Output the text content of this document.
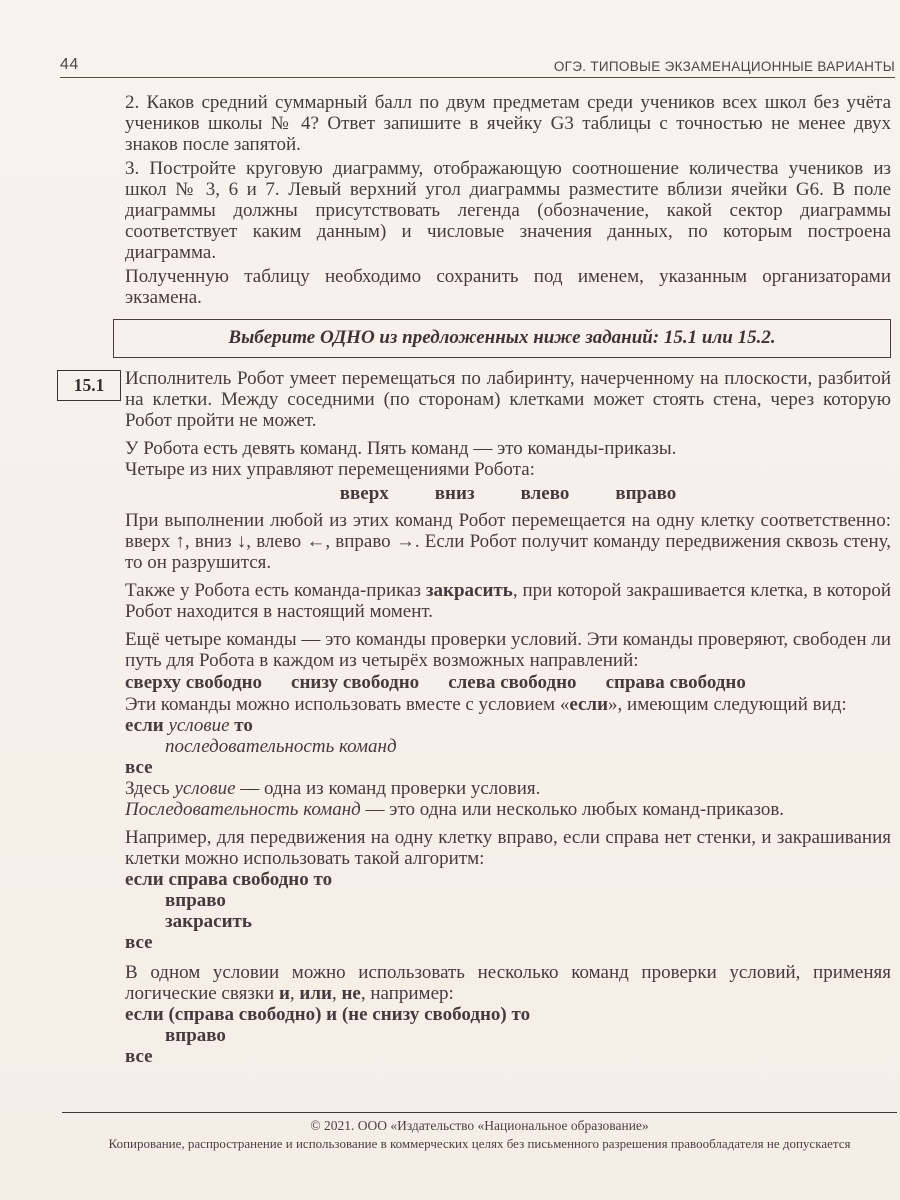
44	ОГЭ. ТИПОВЫЕ ЭКЗАМЕНАЦИОННЫЕ ВАРИАНТЫ
15.1

2. Каков средний суммарный балл по двум предметам среди учеников всех школ без учёта учеников школы № 4? Ответ запишите в ячейку G3 таблицы с точностью не менее двух знаков после запятой.

3. Постройте круговую диаграмму, отображающую соотношение количества учеников из школ № 3, 6 и 7. Левый верхний угол диаграммы разместите вблизи ячейки G6. В поле диаграммы должны присутствовать легенда (обозначение, какой сектор диаграммы соответствует каким данным) и числовые значения данных, по которым построена диаграмма.

Полученную таблицу необходимо сохранить под именем, указанным организаторами экзамена.

Выберите ОДНО из предложенных ниже заданий: 15.1 или 15.2.

Исполнитель Робот умеет перемещаться по лабиринту, начерченному на плоскости, разбитой на клетки. Между соседними (по сторонам) клетками может стоять стена, через которую Робот пройти не может.

У Робота есть девять команд. Пять команд — это команды-приказы.

Четыре из них управляют перемещениями Робота:

вверх вниз влево вправо

При выполнении любой из этих команд Робот перемещается на одну клетку соответственно: вверх ↑, вниз ↓, влево ←, вправо →. Если Робот получит команду передвижения сквозь стену, то он разрушится.

Также у Робота есть команда-приказ закрасить, при которой закрашивается клетка, в которой Робот находится в настоящий момент.

Ещё четыре команды — это команды проверки условий. Эти команды проверяют, свободен ли путь для Робота в каждом из четырёх возможных направлений:

сверху свободно снизу свободно слева свободно справа свободно

Эти команды можно использовать вместе с условием «если», имеющим следующий вид:

если условие то
последовательность команд
все

Здесь условие — одна из команд проверки условия.

Последовательность команд — это одна или несколько любых команд-приказов.

Например, для передвижения на одну клетку вправо, если справа нет стенки, и закрашивания клетки можно использовать такой алгоритм:

если справа свободно то
вправо
закрасить
все

В одном условии можно использовать несколько команд проверки условий, применяя логические связки и, или, не, например:

если (справа свободно) и (не снизу свободно) то
вправо
все
© 2021. ООО «Издательство «Национальное образование»
Копирование, распространение и использование в коммерческих целях без письменного разрешения правообладателя не допускается
